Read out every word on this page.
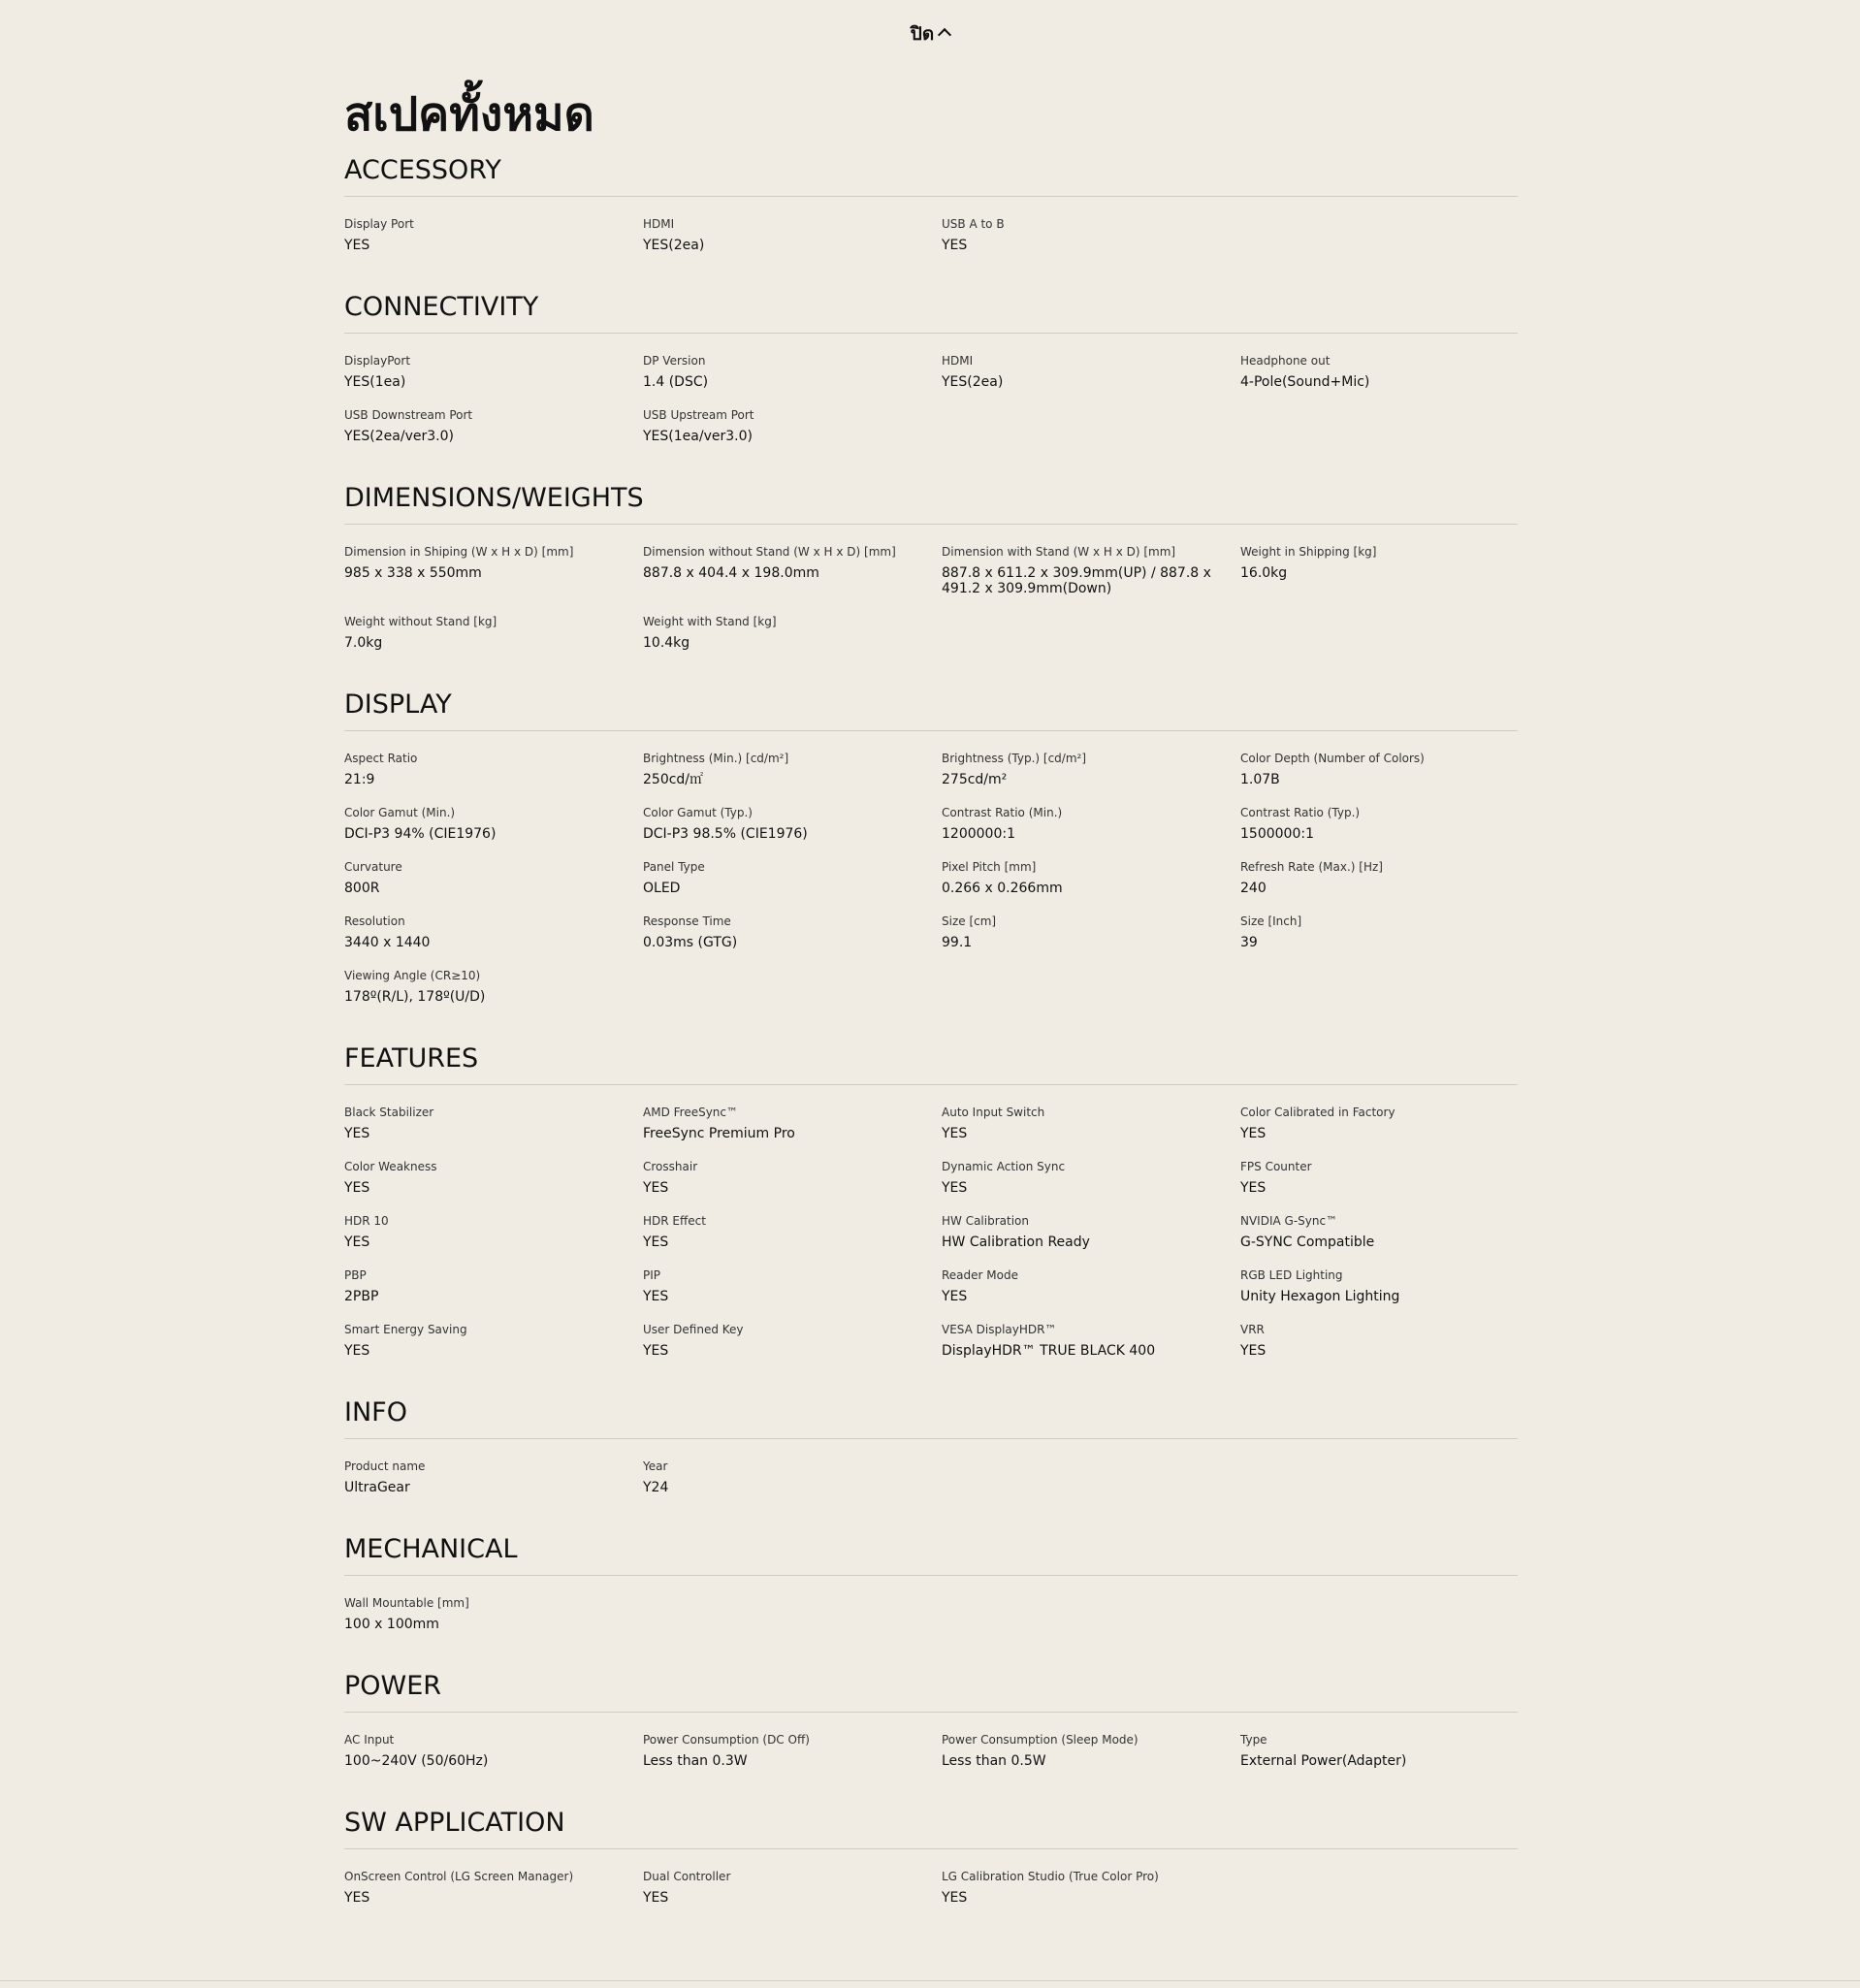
ปิด
สเปคทั้งหมด
ACCESSORY
Display Port
YES
HDMI
YES(2ea)
USB A to B
YES
CONNECTIVITY
DisplayPort
YES(1ea)
DP Version
1.4 (DSC)
HDMI
YES(2ea)
Headphone out
4-Pole(Sound+Mic)
USB Downstream Port
YES(2ea/ver3.0)
USB Upstream Port
YES(1ea/ver3.0)
DIMENSIONS/WEIGHTS
Dimension in Shiping (W x H x D) [mm]
985 x 338 x 550mm
Dimension without Stand (W x H x D) [mm]
887.8 x 404.4 x 198.0mm
Dimension with Stand (W x H x D) [mm]
887.8 x 611.2 x 309.9mm(UP) / 887.8 x 491.2 x 309.9mm(Down)
Weight in Shipping [kg]
16.0kg
Weight without Stand [kg]
7.0kg
Weight with Stand [kg]
10.4kg
DISPLAY
Aspect Ratio
21:9
Brightness (Min.) [cd/m²]
250cd/㎡
Brightness (Typ.) [cd/m²]
275cd/m²
Color Depth (Number of Colors)
1.07B
Color Gamut (Min.)
DCI-P3 94% (CIE1976)
Color Gamut (Typ.)
DCI-P3 98.5% (CIE1976)
Contrast Ratio (Min.)
1200000:1
Contrast Ratio (Typ.)
1500000:1
Curvature
800R
Panel Type
OLED
Pixel Pitch [mm]
0.266 x 0.266mm
Refresh Rate (Max.) [Hz]
240
Resolution
3440 x 1440
Response Time
0.03ms (GTG)
Size [cm]
99.1
Size [Inch]
39
Viewing Angle (CR≥10)
178º(R/L), 178º(U/D)
FEATURES
Black Stabilizer
YES
AMD FreeSync™
FreeSync Premium Pro
Auto Input Switch
YES
Color Calibrated in Factory
YES
Color Weakness
YES
Crosshair
YES
Dynamic Action Sync
YES
FPS Counter
YES
HDR 10
YES
HDR Effect
YES
HW Calibration
HW Calibration Ready
NVIDIA G-Sync™
G-SYNC Compatible
PBP
2PBP
PIP
YES
Reader Mode
YES
RGB LED Lighting
Unity Hexagon Lighting
Smart Energy Saving
YES
User Defined Key
YES
VESA DisplayHDR™
DisplayHDR™ TRUE BLACK 400
VRR
YES
INFO
Product name
UltraGear
Year
Y24
MECHANICAL
Wall Mountable [mm]
100 x 100mm
POWER
AC Input
100~240V (50/60Hz)
Power Consumption (DC Off)
Less than 0.3W
Power Consumption (Sleep Mode)
Less than 0.5W
Type
External Power(Adapter)
SW APPLICATION
OnScreen Control (LG Screen Manager)
YES
Dual Controller
YES
LG Calibration Studio (True Color Pro)
YES
